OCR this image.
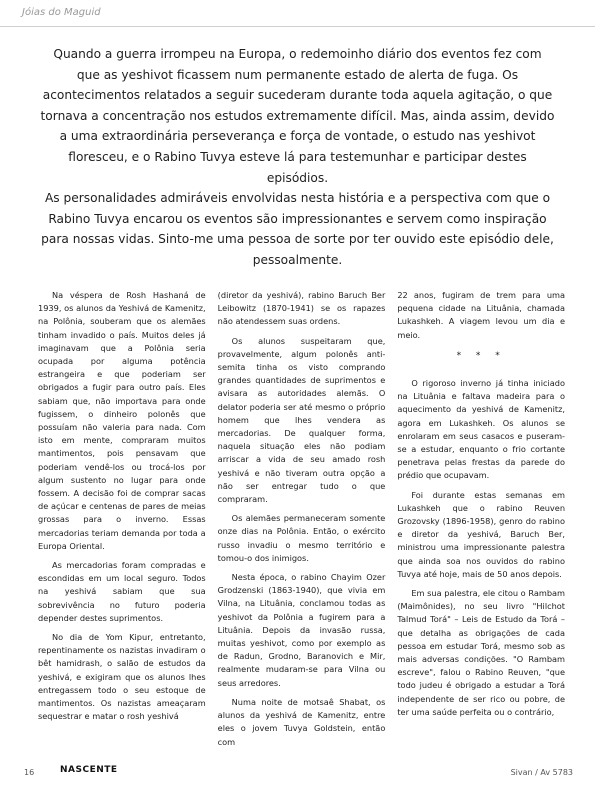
Jóias do Maguid

Quando a guerra irrompeu na Europa, o redemoinho diário dos eventos fez com que as yeshivot ficassem num permanente estado de alerta de fuga. Os acontecimentos relatados a seguir sucederam durante toda aquela agitação, o que tornava a concentração nos estudos extremamente difícil. Mas, ainda assim, devido a uma extraordinária perseverança e força de vontade, o estudo nas yeshivot floresceu, e o Rabino Tuvya esteve lá para testemunhar e participar destes episódios.

As personalidades admiráveis envolvidas nesta história e a perspectiva com que o Rabino Tuvya encarou os eventos são impressionantes e servem como inspiração para nossas vidas. Sinto-me uma pessoa de sorte por ter ouvido este episódio dele, pessoalmente.

Na véspera de Rosh Hashaná de 1939, os alunos da Yeshivá de Kamenitz, na Polônia, souberam que os alemães tinham invadido o país. Muitos deles já imaginavam que a Polônia seria ocupada por alguma potência estrangeira e que poderiam ser obrigados a fugir para outro país. Eles sabiam que, não importava para onde fugissem, o dinheiro polonês que possuíam não valeria para nada. Com isto em mente, compraram muitos mantimentos, pois pensavam que poderiam vendê-los ou trocá-los por algum sustento no lugar para onde fossem. A decisão foi de comprar sacas de açúcar e centenas de pares de meias grossas para o inverno. Essas mercadorias teriam demanda por toda a Europa Oriental.

As mercadorias foram compradas e escondidas em um local seguro. Todos na yeshivá sabiam que sua sobrevivência no futuro poderia depender destes suprimentos.

No dia de Yom Kipur, entretanto, repentinamente os nazistas invadiram o bêt hamidrash, o salão de estudos da yeshivá, e exigiram que os alunos lhes entregassem todo o seu estoque de mantimentos. Os nazistas ameaçaram sequestrar e matar o rosh yeshivá

(diretor da yeshivá), rabino Baruch Ber Leibowitz (1870-1941) se os rapazes não atendessem suas ordens.

Os alunos suspeitaram que, provavelmente, algum polonês anti-semita tinha os visto comprando grandes quantidades de suprimentos e avisara as autoridades alemãs. O delator poderia ser até mesmo o próprio homem que lhes vendera as mercadorias. De qualquer forma, naquela situação eles não podiam arriscar a vida de seu amado rosh yeshivá e não tiveram outra opção a não ser entregar tudo o que compraram.

Os alemães permaneceram somente onze dias na Polônia. Então, o exército russo invadiu o mesmo território e tomou-o dos inimigos.

Nesta época, o rabino Chayim Ozer Grodzenski (1863-1940), que vivia em Vilna, na Lituânia, conclamou todas as yeshivot da Polônia a fugirem para a Lituânia. Depois da invasão russa, muitas yeshivot, como por exemplo as de Radun, Grodno, Baranovich e Mir, realmente mudaram-se para Vilna ou seus arredores.

Numa noite de motsaê Shabat, os alunos da yeshivá de Kamenitz, entre eles o jovem Tuvya Goldstein, então com

22 anos, fugiram de trem para uma pequena cidade na Lituânia, chamada Lukashkeh. A viagem levou um dia e meio.

* * *

O rigoroso inverno já tinha iniciado na Lituânia e faltava madeira para o aquecimento da yeshivá de Kamenitz, agora em Lukashkeh. Os alunos se enrolaram em seus casacos e puseram-se a estudar, enquanto o frio cortante penetrava pelas frestas da parede do prédio que ocupavam.

Foi durante estas semanas em Lukashkeh que o rabino Reuven Grozovsky (1896-1958), genro do rabino e diretor da yeshivá, Baruch Ber, ministrou uma impressionante palestra que ainda soa nos ouvidos do rabino Tuvya até hoje, mais de 50 anos depois.

Em sua palestra, ele citou o Rambam (Maimônides), no seu livro "Hilchot Talmud Torá" – Leis de Estudo da Torá – que detalha as obrigações de cada pessoa em estudar Torá, mesmo sob as mais adversas condições. "O Rambam escreve", falou o Rabino Reuven, "que todo judeu é obrigado a estudar a Torá independente de ser rico ou pobre, de ter uma saúde perfeita ou o contrário,

16	NASCENTE	Sivan / Av 5783
